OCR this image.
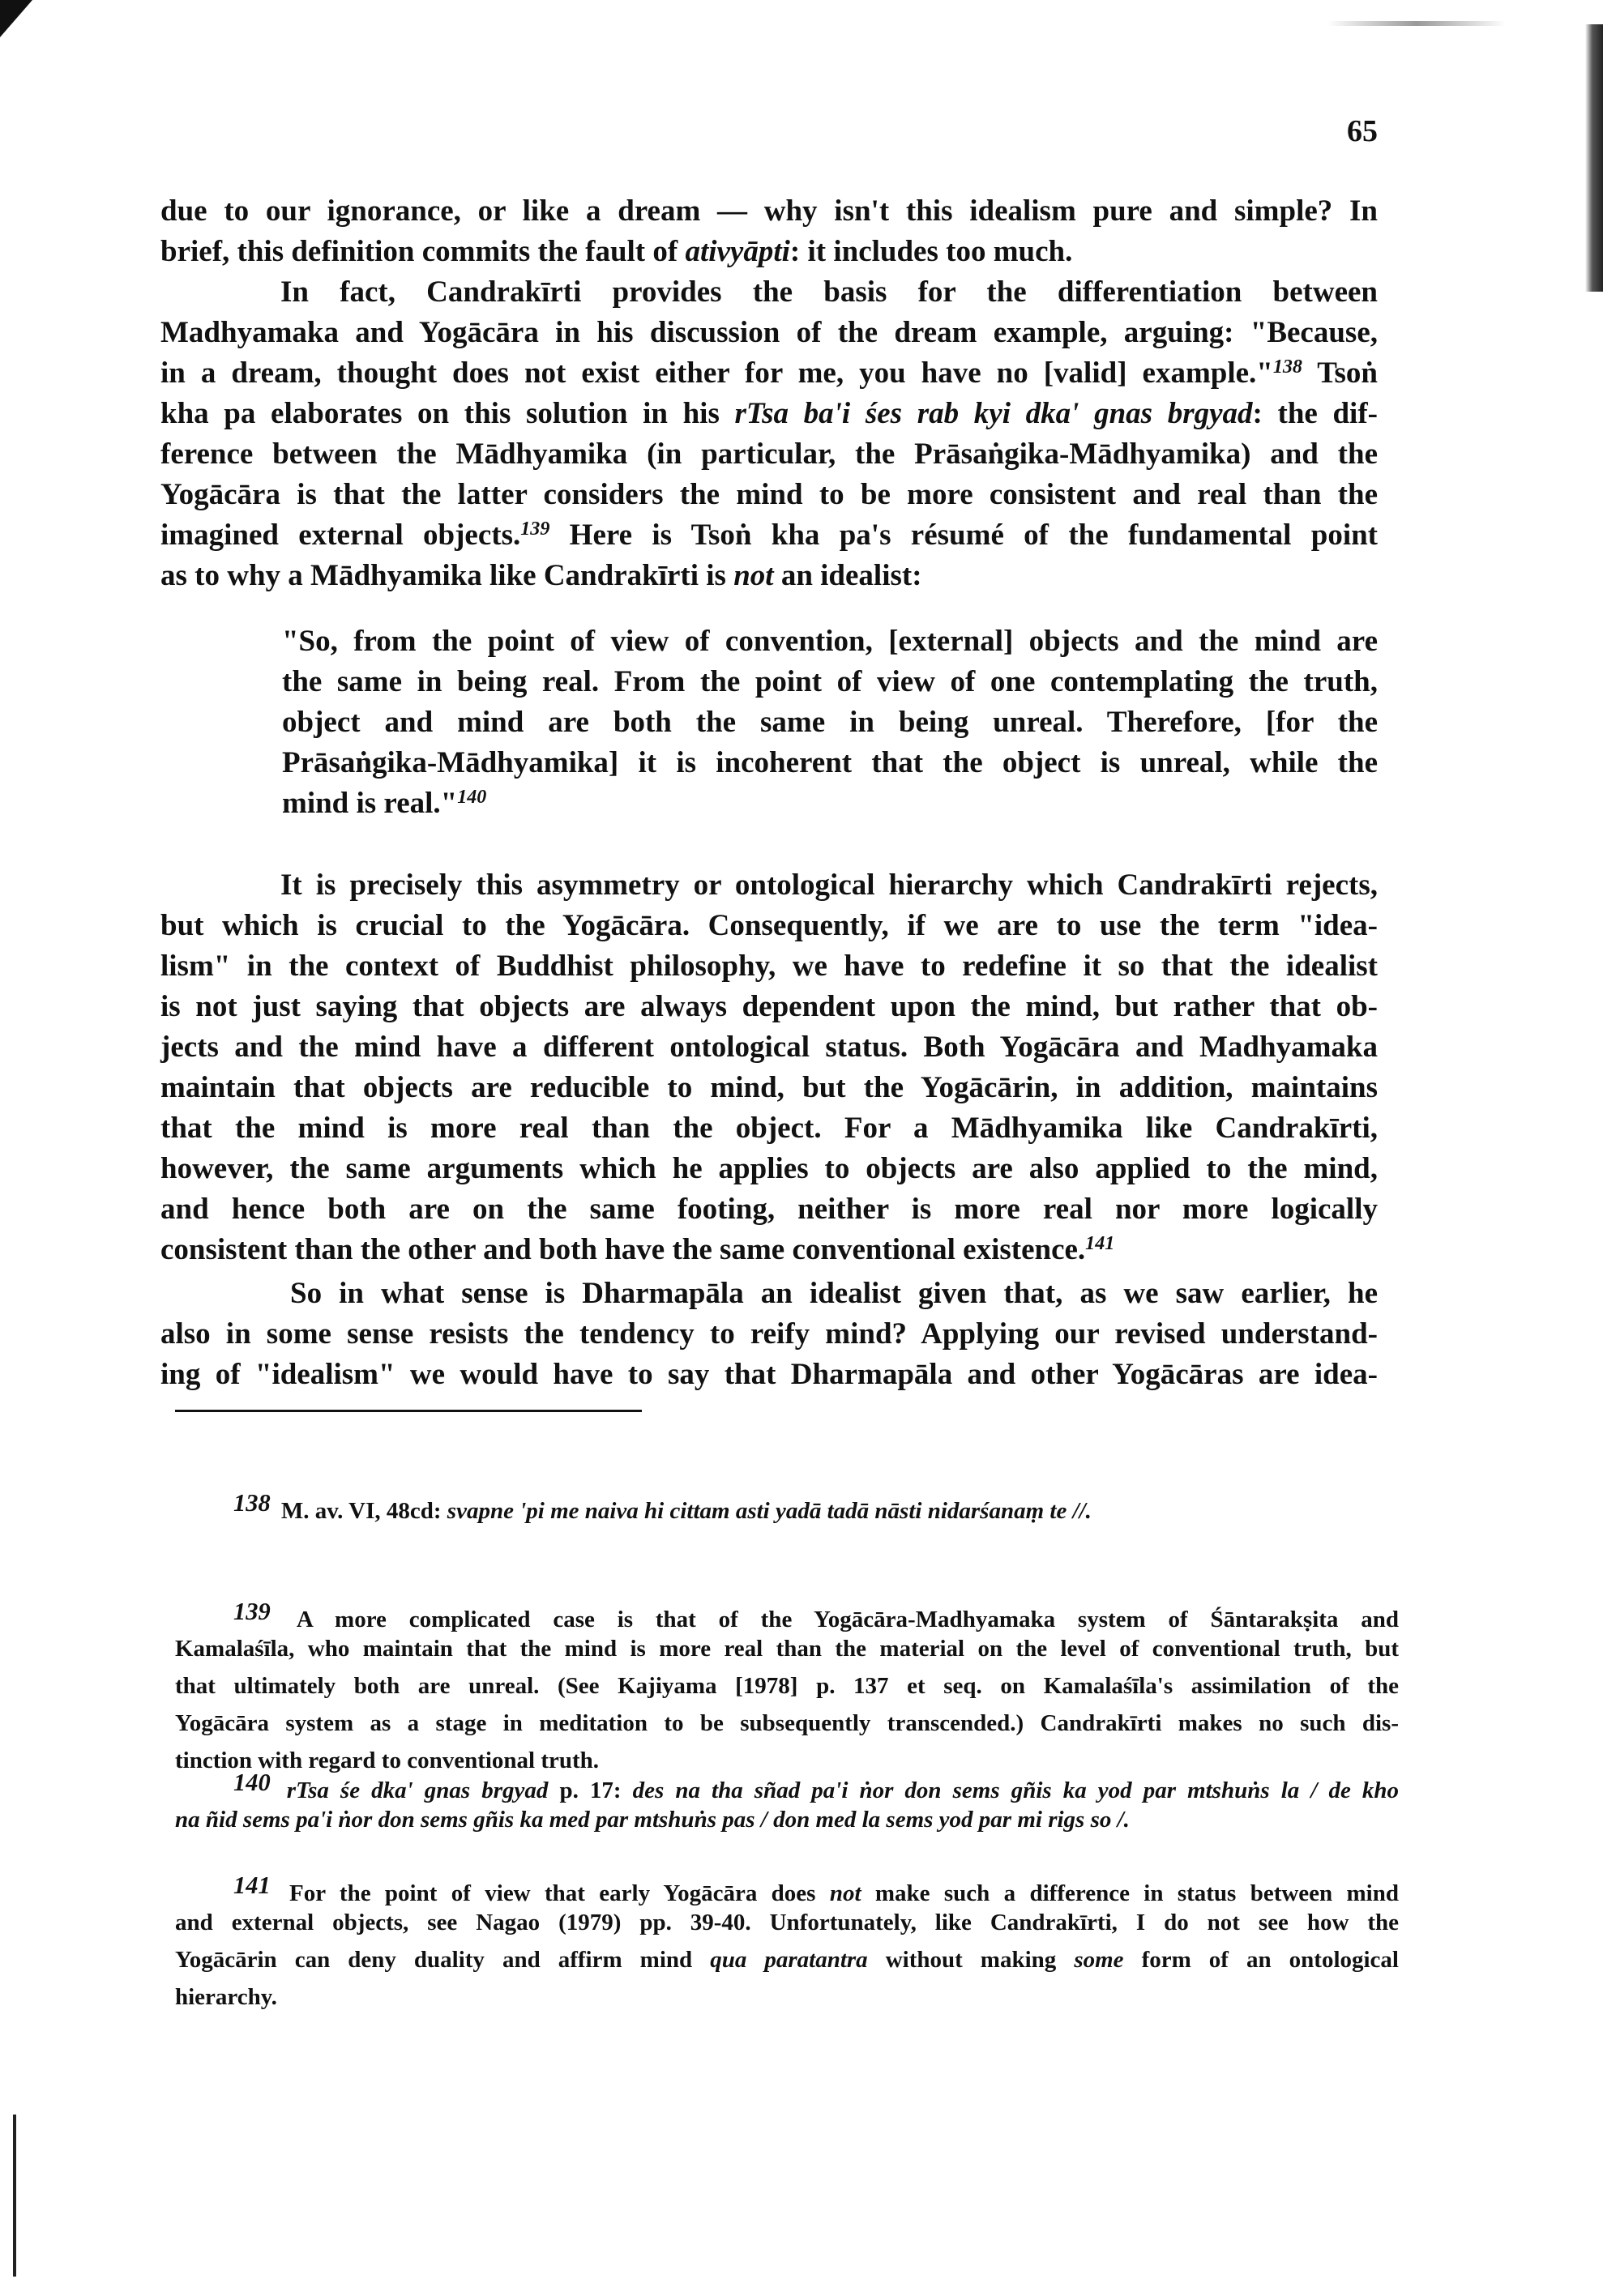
65
due to our ignorance, or like a dream — why isn't this idealism pure and simple? In
brief, this definition commits the fault of ativyāpti: it includes too much.
In fact, Candrakīrti provides the basis for the differentiation between
Madhyamaka and Yogācāra in his discussion of the dream example, arguing: "Because,
in a dream, thought does not exist either for me, you have no [valid] example."$^{138}$ Tsoṅ
kha pa elaborates on this solution in his rTsa ba'i śes rab kyi dka' gnas brgyad: the dif-
ference between the Mādhyamika (in particular, the Prāsaṅgika-Mādhyamika) and the
Yogācāra is that the latter considers the mind to be more consistent and real than the
imagined external objects.$^{139}$ Here is Tsoṅ kha pa's résumé of the fundamental point
as to why a Mādhyamika like Candrakīrti is not an idealist:
"So, from the point of view of convention, [external] objects and the mind are
the same in being real. From the point of view of one contemplating the truth,
object and mind are both the same in being unreal. Therefore, [for the
Prāsaṅgika-Mādhyamika] it is incoherent that the object is unreal, while the
mind is real."$^{140}$
It is precisely this asymmetry or ontological hierarchy which Candrakīrti rejects,
but which is crucial to the Yogācāra. Consequently, if we are to use the term "idea-
lism" in the context of Buddhist philosophy, we have to redefine it so that the idealist
is not just saying that objects are always dependent upon the mind, but rather that ob-
jects and the mind have a different ontological status. Both Yogācāra and Madhyamaka
maintain that objects are reducible to mind, but the Yogācārin, in addition, maintains
that the mind is more real than the object. For a Mādhyamika like Candrakīrti,
however, the same arguments which he applies to objects are also applied to the mind,
and hence both are on the same footing, neither is more real nor more logically
consistent than the other and both have the same conventional existence.$^{141}$
So in what sense is Dharmapāla an idealist given that, as we saw earlier, he
also in some sense resists the tendency to reify mind? Applying our revised understand-
ing of "idealism" we would have to say that Dharmapāla and other Yogācāras are idea-
138 M. av. VI, 48cd: svapne 'pi me naiva hi cittam asti yadā tadā nāsti nidarśanaṃ te //.
139 A more complicated case is that of the Yogācāra-Madhyamaka system of Śāntarakṣita and
Kamalaśīla, who maintain that the mind is more real than the material on the level of conventional truth, but
that ultimately both are unreal. (See Kajiyama [1978] p. 137 et seq. on Kamalaśīla's assimilation of the
Yogācāra system as a stage in meditation to be subsequently transcended.) Candrakīrti makes no such dis-
tinction with regard to conventional truth.
140 rTsa śe dka' gnas brgyad p. 17: des na tha sñad pa'i ṅor don sems gñis ka yod par mtshuṅs la / de kho
na ñid sems pa'i ṅor don sems gñis ka med par mtshuṅs pas / don med la sems yod par mi rigs so /.
141 For the point of view that early Yogācāra does not make such a difference in status between mind
and external objects, see Nagao (1979) pp. 39-40. Unfortunately, like Candrakīrti, I do not see how the
Yogācārin can deny duality and affirm mind qua paratantra without making some form of an ontological
hierarchy.
